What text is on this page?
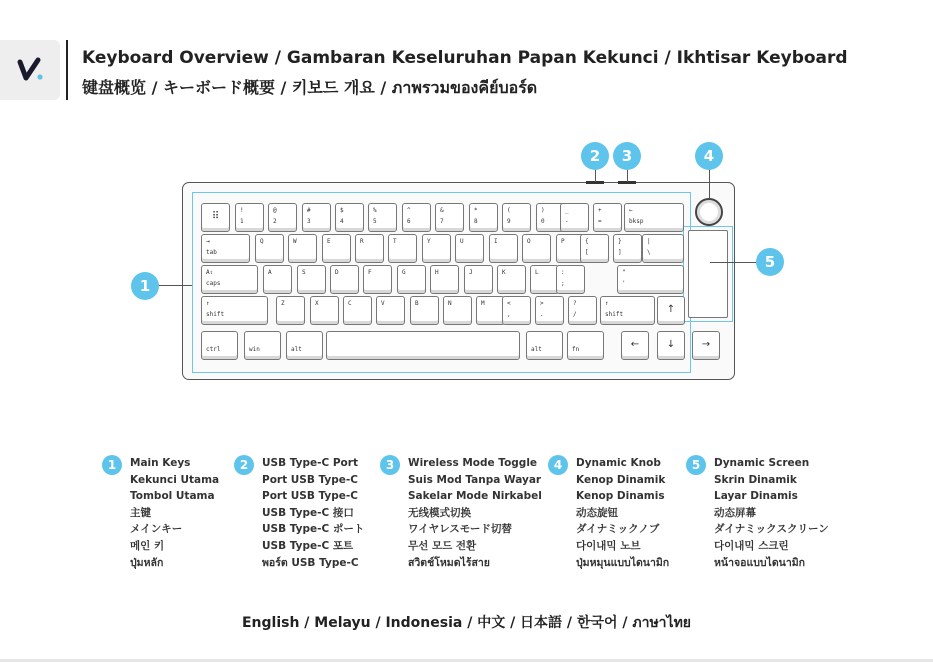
Keyboard Overview / Gambaran Keseluruhan Papan Kekunci / Ikhtisar Keyboard
键盘概览 / キーボード概要 / 키보드 개요 / ภาพรวมของคีย์บอร์ด
⠿
!
1
@
2
#
3
$
4
%
5
^
6
&
7
*
8
(
9
)
0
_
-
+
=
←
bksp
⇥
tab
Q	W	E	R	T	Y	U	I	O	P	{
[
}
]
|
\
A⇪
caps
A	S	D	F	G	H	J	K	L	:
;
"
'
↑
shift
Z	X	C	V	B	N	M	<
,
>
.
?
/
↑
shift	↑
ctrl	win	alt	alt	fn	←	↓	→
1
2	3	4
5
1	Main Keys
Kekunci Utama
Tombol Utama
主键
メインキー
메인 키
ปุ่มหลัก
2	USB Type-C Port
Port USB Type-C
Port USB Type-C
USB Type-C 接口
USB Type-C ポート
USB Type-C 포트
พอร์ต USB Type-C
3	Wireless Mode Toggle
Suis Mod Tanpa Wayar
Sakelar Mode Nirkabel
无线模式切换
ワイヤレスモード切替
무선 모드 전환
สวิตช์โหมดไร้สาย
4	Dynamic Knob
Kenop Dinamik
Kenop Dinamis
动态旋钮
ダイナミックノブ
다이내믹 노브
ปุ่มหมุนแบบไดนามิก
5	Dynamic Screen
Skrin Dinamik
Layar Dinamis
动态屏幕
ダイナミックスクリーン
다이내믹 스크린
หน้าจอแบบไดนามิก
English / Melayu / Indonesia / 中文 / 日本語 / 한국어 / ภาษาไทย
